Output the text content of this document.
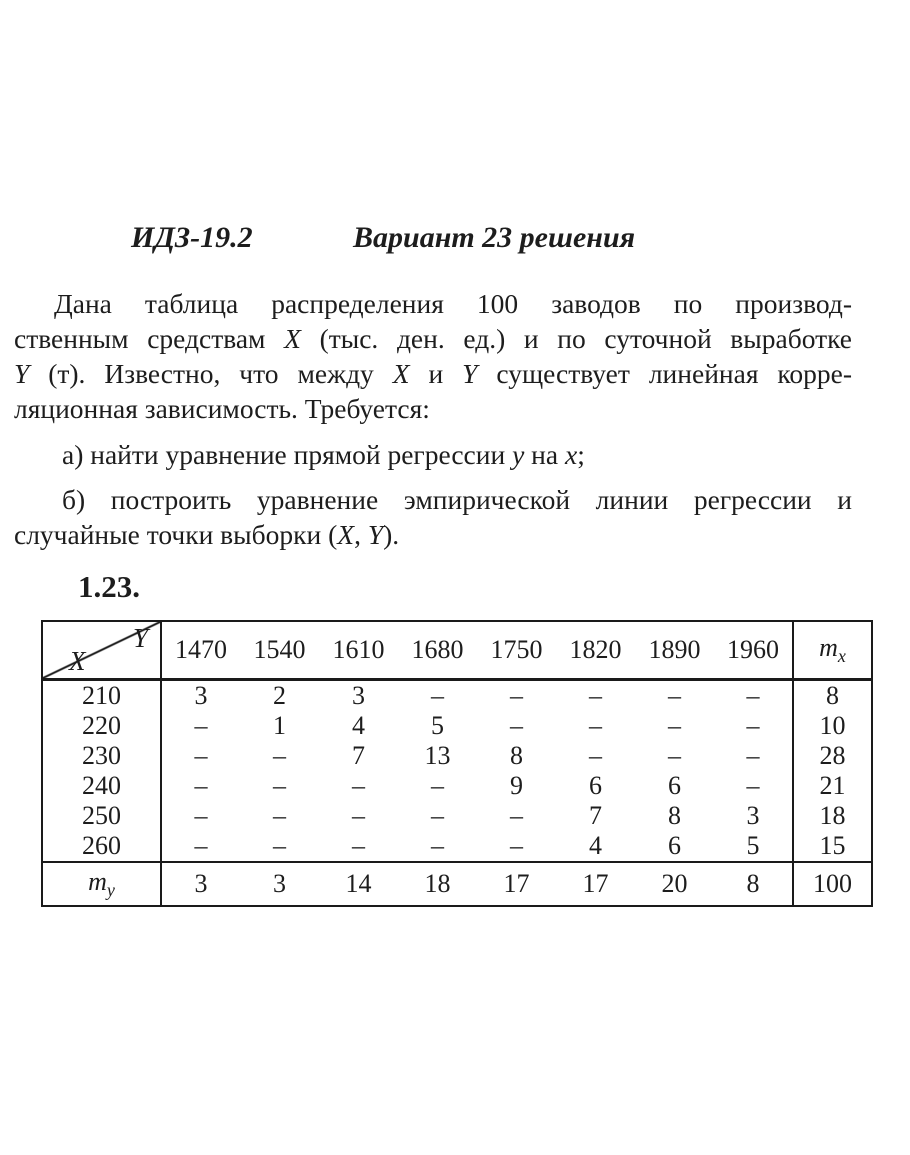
ИДЗ-19.2	Вариант 23 решения
Дана таблица распределения 100 заводов по производ-
ственным средствам X (тыс. ден. ед.) и по суточной выработке
Y (т). Известно, что между X и Y существует линейная корре-
ляционная зависимость. Требуется:
а) найти уравнение прямой регрессии y на x;
б) построить уравнение эмпирической линии регрессии и
случайные точки выборки (X, Y).
1.23.
Y
X	1470	1540	1610	1680	1750	1820	1890	1960	$m_x$
210	3	2	3	–	–	–	–	–	8
220	–	1	4	5	–	–	–	–	10
230	–	–	7	13	8	–	–	–	28
240	–	–	–	–	9	6	6	–	21
250	–	–	–	–	–	7	8	3	18
260	–	–	–	–	–	4	6	5	15
$m_y$	3	3	14	18	17	17	20	8	100
